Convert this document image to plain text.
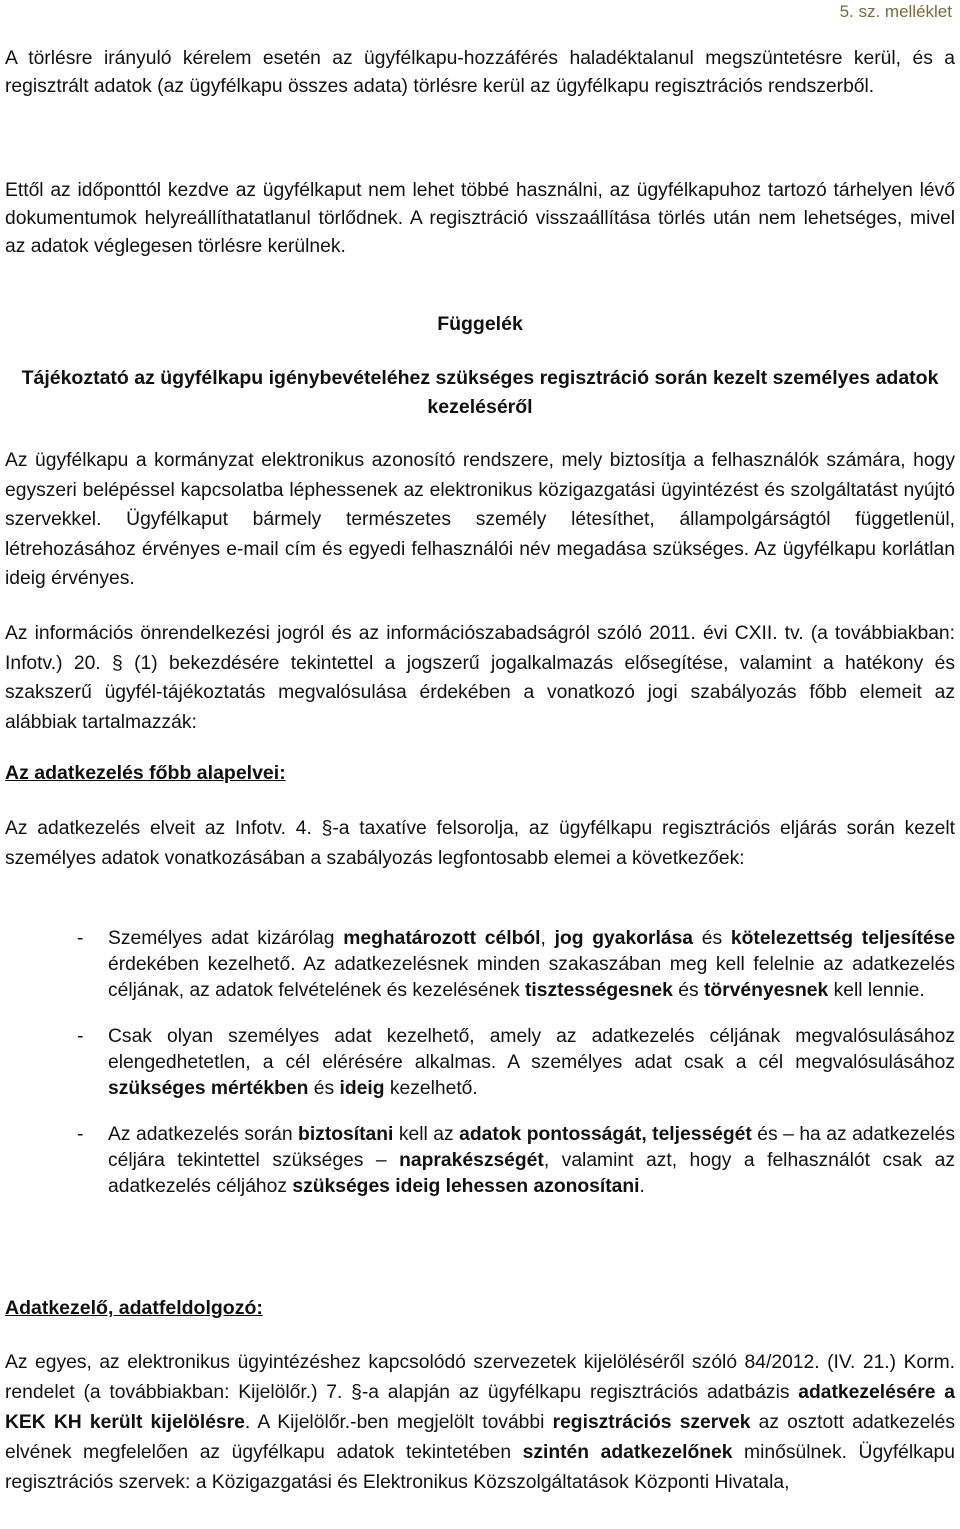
5. sz. melléklet

A törlésre irányuló kérelem esetén az ügyfélkapu-hozzáférés haladéktalanul megszüntetésre kerül, és a regisztrált adatok (az ügyfélkapu összes adata) törlésre kerül az ügyfélkapu regisztrációs rendszerből.

Ettől az időponttól kezdve az ügyfélkaput nem lehet többé használni, az ügyfélkapuhoz tartozó tárhelyen lévő dokumentumok helyreállíthatatlanul törlődnek. A regisztráció visszaállítása törlés után nem lehetséges, mivel az adatok véglegesen törlésre kerülnek.

Függelék
Tájékoztató az ügyfélkapu igénybevételéhez szükséges regisztráció során kezelt személyes adatok kezeléséről

Az ügyfélkapu a kormányzat elektronikus azonosító rendszere, mely biztosítja a felhasználók számára, hogy egyszeri belépéssel kapcsolatba léphessenek az elektronikus közigazgatási ügyintézést és szolgáltatást nyújtó szervekkel. Ügyfélkaput bármely természetes személy létesíthet, állampolgárságtól függetlenül, létrehozásához érvényes e-mail cím és egyedi felhasználói név megadása szükséges. Az ügyfélkapu korlátlan ideig érvényes.

Az információs önrendelkezési jogról és az információszabadságról szóló 2011. évi CXII. tv. (a továbbiakban: Infotv.) 20. § (1) bekezdésére tekintettel a jogszerű jogalkalmazás elősegítése, valamint a hatékony és szakszerű ügyfél-tájékoztatás megvalósulása érdekében a vonatkozó jogi szabályozás főbb elemeit az alábbiak tartalmazzák:

Az adatkezelés főbb alapelvei:

Az adatkezelés elveit az Infotv. 4. §-a taxatíve felsorolja, az ügyfélkapu regisztrációs eljárás során kezelt személyes adatok vonatkozásában a szabályozás legfontosabb elemei a következőek:

- Személyes adat kizárólag meghatározott célból, jog gyakorlása és kötelezettség teljesítése érdekében kezelhető. Az adatkezelésnek minden szakaszában meg kell felelnie az adatkezelés céljának, az adatok felvételének és kezelésének tisztességesnek és törvényesnek kell lennie.
- Csak olyan személyes adat kezelhető, amely az adatkezelés céljának megvalósulásához elengedhetetlen, a cél elérésére alkalmas. A személyes adat csak a cél megvalósulásához szükséges mértékben és ideig kezelhető.
- Az adatkezelés során biztosítani kell az adatok pontosságát, teljességét és – ha az adatkezelés céljára tekintettel szükséges – naprakészségét, valamint azt, hogy a felhasználót csak az adatkezelés céljához szükséges ideig lehessen azonosítani.
Adatkezelő, adatfeldolgozó:

Az egyes, az elektronikus ügyintézéshez kapcsolódó szervezetek kijelöléséről szóló 84/2012. (IV. 21.) Korm. rendelet (a továbbiakban: Kijelölőr.) 7. §-a alapján az ügyfélkapu regisztrációs adatbázis adatkezelésére a KEK KH került kijelölésre. A Kijelölőr.-ben megjelölt további regisztrációs szervek az osztott adatkezelés elvének megfelelően az ügyfélkapu adatok tekintetében szintén adatkezelőnek minősülnek. Ügyfélkapu regisztrációs szervek: a Közigazgatási és Elektronikus Közszolgáltatások Központi Hivatala,
